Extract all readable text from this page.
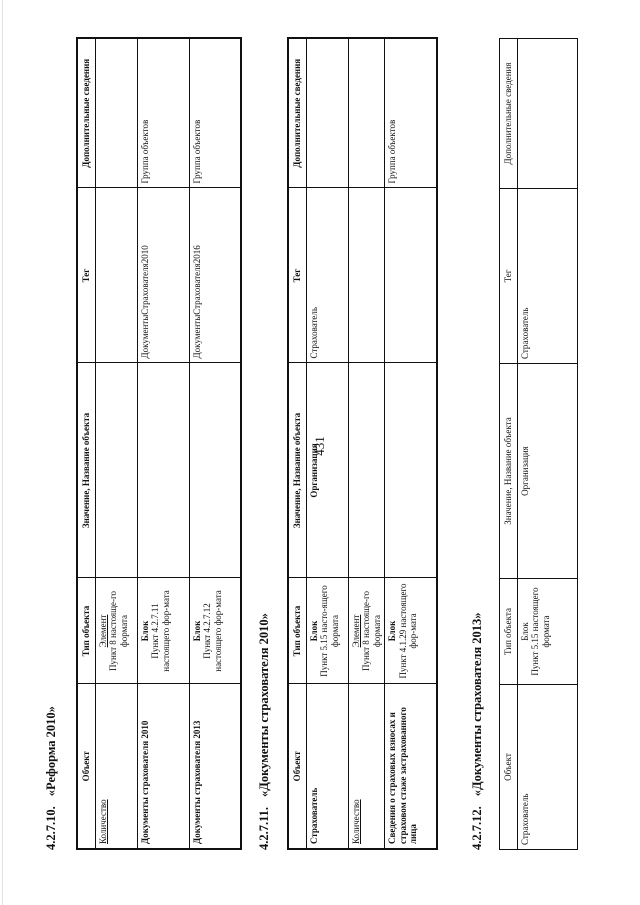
431
4.2.7.10.«Реформа 2010»	Объект	Тип объекта	Значение, Название объекта	Тег	Дополнительные сведения
Количество	Элемент Пункт 8 настояще-го формата			

Документы страхователя 2010	Блок Пункт 4.2.7.11 настоящего фор-мата		ДокументыСтрахователя2010	Группа объектов
Документы страхователя 2013	Блок Пункт 4.2.7.12 настоящего фор-мата		ДокументыСтрахователя2016	Группа объектов
4.2.7.11.«Документы страхователя 2010» Объект	Тип объекта	Значение, Название объекта	Тег	Дополнительные сведения
Страхователь	Блок Пункт 5.15 насто-ящего формата	Организация	Страхователь	
Количество	Элемент Пункт 8 настояще-го формата			

Сведения о страховых взносах и страховом стаже застрахованного лица	Блок Пункт 4.1.29 настоящего фор-мата			Группа объектов
4.2.7.12.«Документы страхователя 2013» Объект	Тип объекта	Значение, Название объекта	Тег	Дополнительные сведения
Страхователь	Блок Пункт 5.15 настоящего формата	Организация	Страхователь	
